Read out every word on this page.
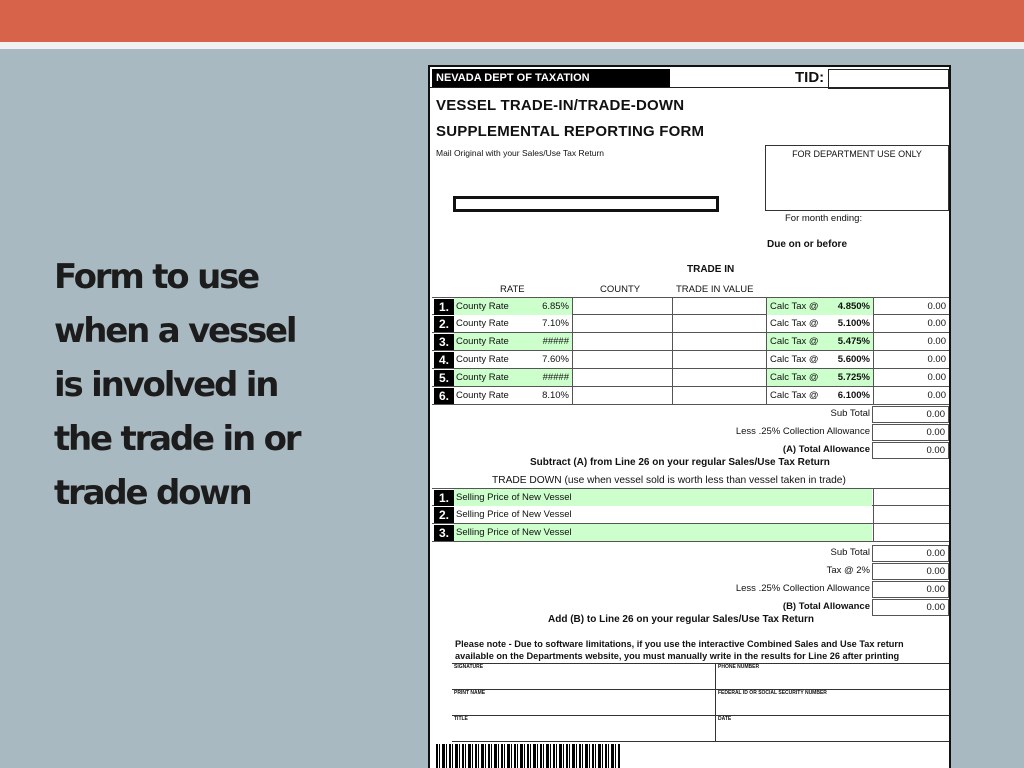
Form to use
when a vessel
is involved in
the trade in or
trade down
NEVADA DEPT OF TAXATION	TID:
VESSEL TRADE-IN/TRADE-DOWN
SUPPLEMENTAL REPORTING FORM
Mail Original with your Sales/Use Tax Return	FOR DEPARTMENT USE ONLY
For month ending:
Due on or before
TRADE IN
RATE	COUNTY	TRADE IN VALUE
1. County Rate	6.85%	Calc Tax @ 4.850%	0.00
2. County Rate	7.10%	Calc Tax @ 5.100%	0.00
3. County Rate	#####	Calc Tax @ 5.475%	0.00
4. County Rate	7.60%	Calc Tax @ 5.600%	0.00
5. County Rate	#####	Calc Tax @ 5.725%	0.00
6. County Rate	8.10%	Calc Tax @ 6.100%	0.00
Sub Total	0.00
Less .25% Collection Allowance	0.00
(A) Total Allowance	0.00
Subtract (A) from Line 26 on your regular Sales/Use Tax Return
TRADE DOWN (use when vessel sold is worth less than vessel taken in trade)
1. Selling Price of New Vessel
2. Selling Price of New Vessel
3. Selling Price of New Vessel
Sub Total	0.00
Tax @ 2%	0.00
Less .25% Collection Allowance	0.00
(B) Total Allowance	0.00
Add (B) to Line 26 on your regular Sales/Use Tax Return
Please note - Due to software limitations, if you use the interactive Combined Sales and Use Tax return
available on the Departments website, you must manually write in the results for Line 26 after printing
SIGNATURE	PHONE NUMBER
PRINT NAME	FEDERAL ID OR SOCIAL SECURITY NUMBER
TITLE	DATE
